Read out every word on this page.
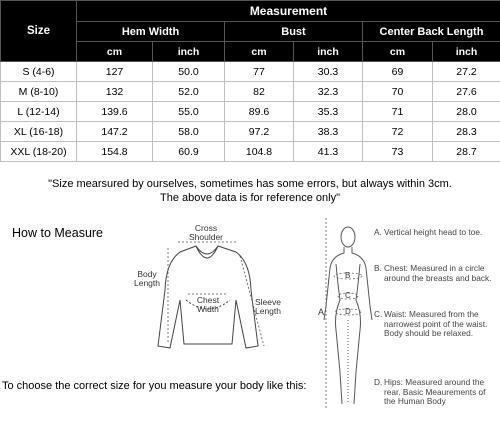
Size	Measurement					
	Hem Width		Bust		Center Back Length	
	cm	inch	cm	inch	cm	inch
S (4-6)	127	50.0	77	30.3	69	27.2
M (8-10)	132	52.0	82	32.3	70	27.6
L (12-14)	139.6	55.0	89.6	35.3	71	28.0
XL (16-18)	147.2	58.0	97.2	38.3	72	28.3
XXL (18-20)	154.8	60.9	104.8	41.3	73	28.7
"Size mearsured by ourselves, sometimes has some errors, but always within 3cm.
The above data is for reference only"
How to Measure	Cross
Shoulder
Body
Length
Chest
Width
Sleeve
Length	A
B
C
D
To choose the correct size for you measure your body like this:
A. Vertical height head to toe.
B. Chest: Measured in a circle around the breasts and back.
C. Waist: Measured from the narrowest point of the waist. Body should be relaxed.
D. Hips: Measured around the rear. Basic Meaurements of the Human Body
